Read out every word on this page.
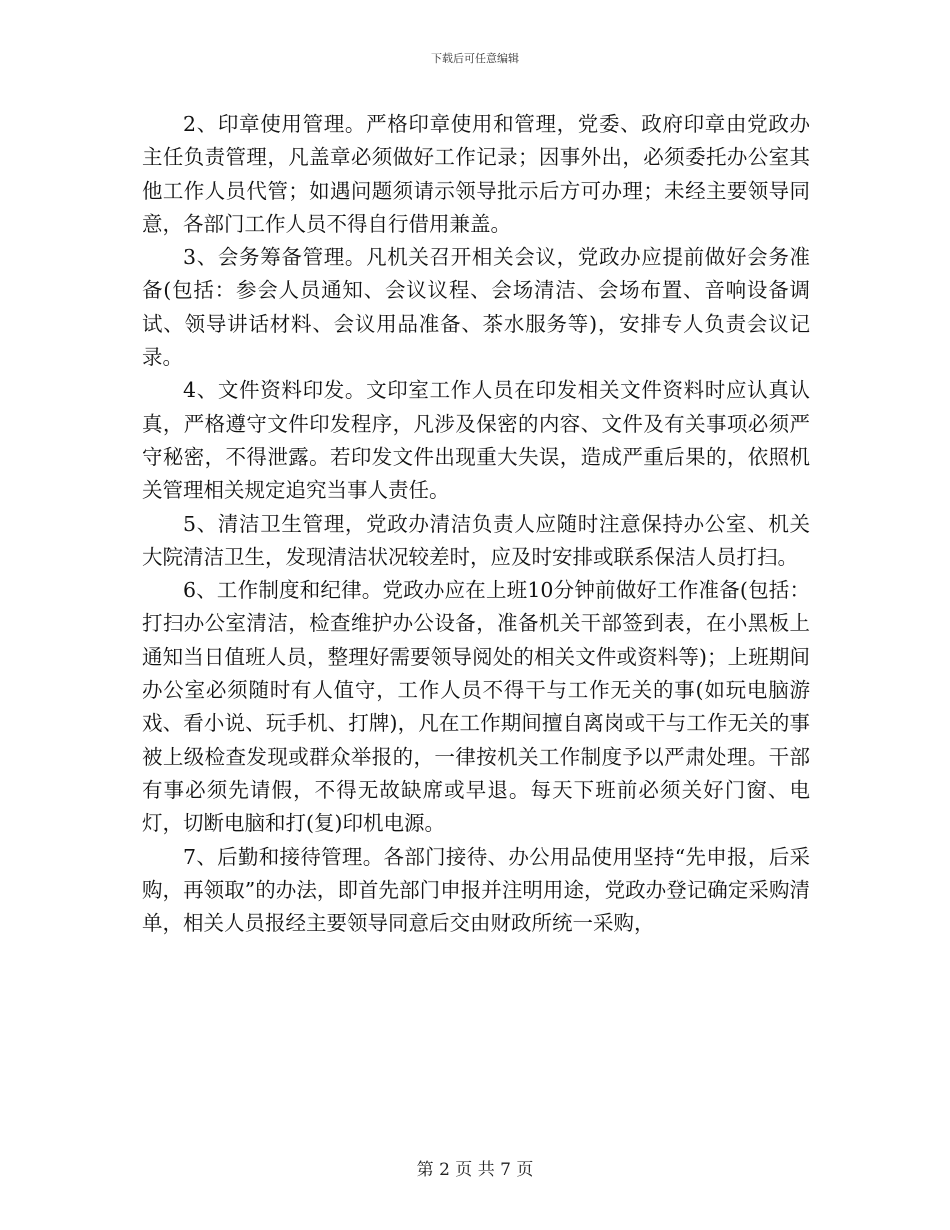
下载后可任意编辑

2、印章使用管理。严格印章使用和管理，党委、政府印章由党政办主任负责管理，凡盖章必须做好工作记录；因事外出，必须委托办公室其他工作人员代管；如遇问题须请示领导批示后方可办理；未经主要领导同意，各部门工作人员不得自行借用兼盖。

3、会务筹备管理。凡机关召开相关会议，党政办应提前做好会务准备(包括：参会人员通知、会议议程、会场清洁、会场布置、音响设备调试、领导讲话材料、会议用品准备、茶水服务等)，安排专人负责会议记录。

4、文件资料印发。文印室工作人员在印发相关文件资料时应认真认真，严格遵守文件印发程序，凡涉及保密的内容、文件及有关事项必须严守秘密，不得泄露。若印发文件出现重大失误，造成严重后果的，依照机关管理相关规定追究当事人责任。

5、清洁卫生管理，党政办清洁负责人应随时注意保持办公室、机关大院清洁卫生，发现清洁状况较差时，应及时安排或联系保洁人员打扫。

6、工作制度和纪律。党政办应在上班10分钟前做好工作准备(包括：打扫办公室清洁，检查维护办公设备，准备机关干部签到表，在小黑板上通知当日值班人员，整理好需要领导阅处的相关文件或资料等)；上班期间办公室必须随时有人值守，工作人员不得干与工作无关的事(如玩电脑游戏、看小说、玩手机、打牌)，凡在工作期间擅自离岗或干与工作无关的事被上级检查发现或群众举报的，一律按机关工作制度予以严肃处理。干部有事必须先请假，不得无故缺席或早退。每天下班前必须关好门窗、电灯，切断电脑和打(复)印机电源。

7、后勤和接待管理。各部门接待、办公用品使用坚持“先申报，后采购，再领取”的办法，即首先部门申报并注明用途，党政办登记确定采购清单，相关人员报经主要领导同意后交由财政所统一采购，

第 2 页 共 7 页
